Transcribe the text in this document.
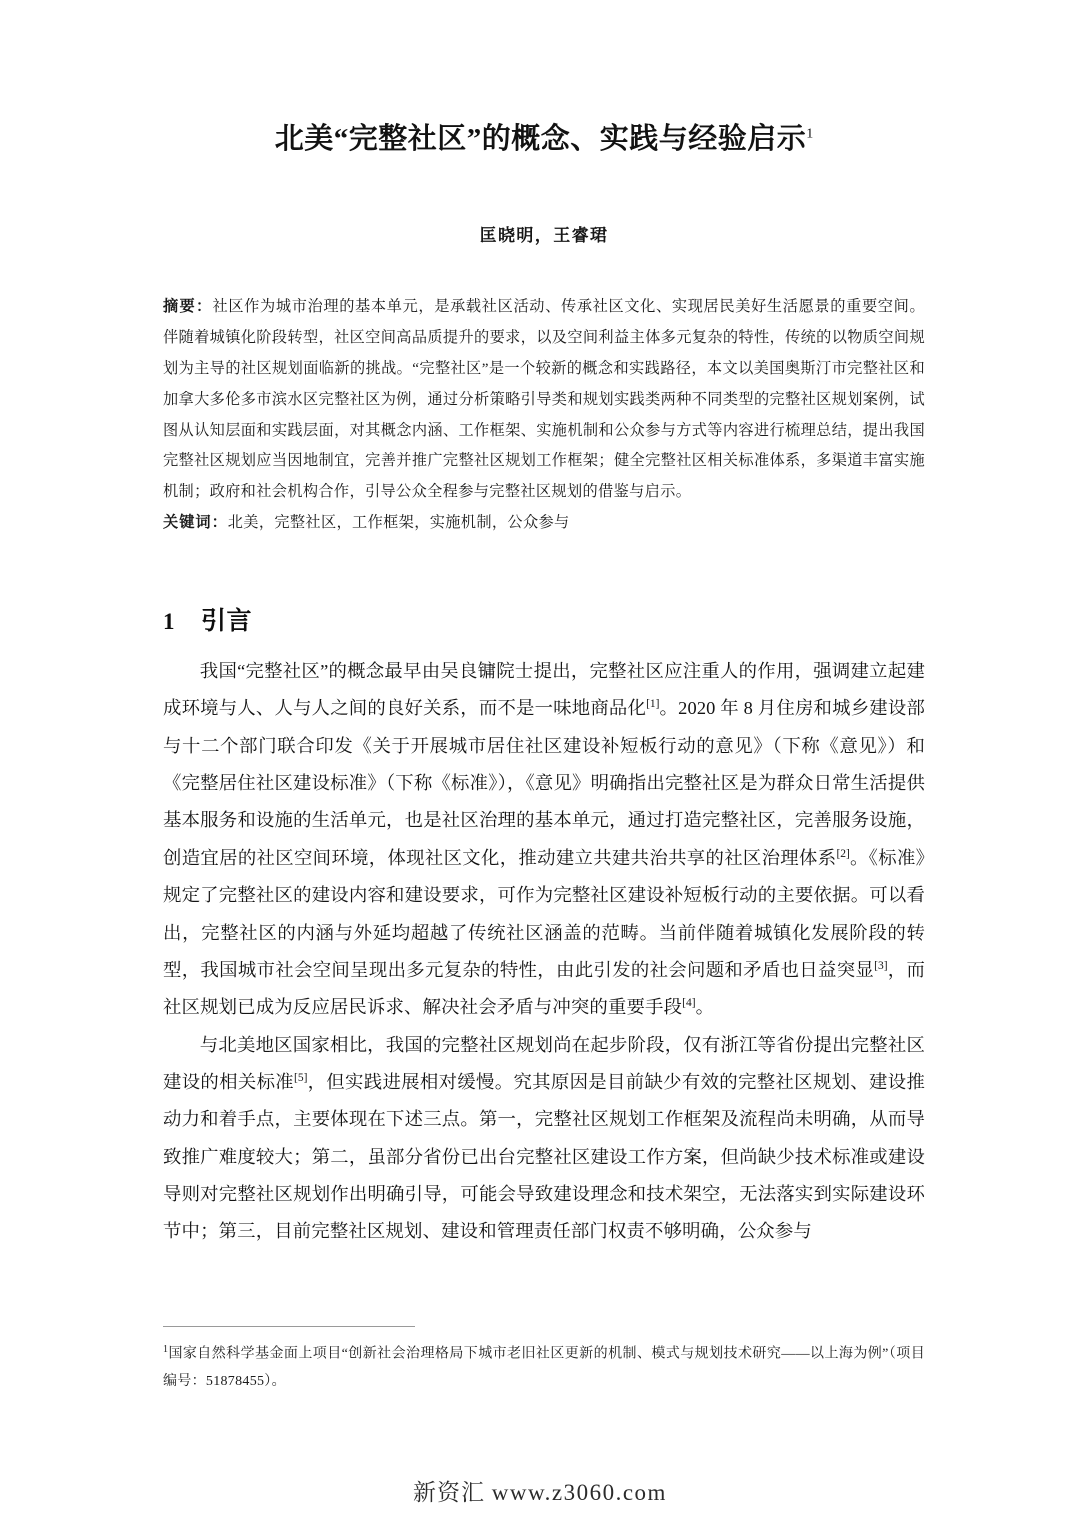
北美“完整社区”的概念、实践与经验启示$^1$
匡晓明，王睿珺

摘要：社区作为城市治理的基本单元，是承载社区活动、传承社区文化、实现居民美好生活愿景的重要空间。伴随着城镇化阶段转型，社区空间高品质提升的要求，以及空间利益主体多元复杂的特性，传统的以物质空间规划为主导的社区规划面临新的挑战。“完整社区”是一个较新的概念和实践路径，本文以美国奥斯汀市完整社区和加拿大多伦多市滨水区完整社区为例，通过分析策略引导类和规划实践类两种不同类型的完整社区规划案例，试图从认知层面和实践层面，对其概念内涵、工作框架、实施机制和公众参与方式等内容进行梳理总结，提出我国完整社区规划应当因地制宜，完善并推广完整社区规划工作框架；健全完整社区相关标准体系，多渠道丰富实施机制；政府和社会机构合作，引导公众全程参与完整社区规划的借鉴与启示。

关键词：北美，完整社区，工作框架，实施机制，公众参与

1 引言

我国“完整社区”的概念最早由吴良镛院士提出，完整社区应注重人的作用，强调建立起建成环境与人、人与人之间的良好关系，而不是一味地商品化[1]。2020 年 8 月住房和城乡建设部与十二个部门联合印发《关于开展城市居住社区建设补短板行动的意见》（下称《意见》）和《完整居住社区建设标准》（下称《标准》），《意见》明确指出完整社区是为群众日常生活提供基本服务和设施的生活单元，也是社区治理的基本单元，通过打造完整社区，完善服务设施，创造宜居的社区空间环境，体现社区文化，推动建立共建共治共享的社区治理体系[2]。《标准》规定了完整社区的建设内容和建设要求，可作为完整社区建设补短板行动的主要依据。可以看出，完整社区的内涵与外延均超越了传统社区涵盖的范畴。当前伴随着城镇化发展阶段的转型，我国城市社会空间呈现出多元复杂的特性，由此引发的社会问题和矛盾也日益突显[3]，而社区规划已成为反应居民诉求、解决社会矛盾与冲突的重要手段[4]。

与北美地区国家相比，我国的完整社区规划尚在起步阶段，仅有浙江等省份提出完整社区建设的相关标准[5]，但实践进展相对缓慢。究其原因是目前缺少有效的完整社区规划、建设推动力和着手点，主要体现在下述三点。第一，完整社区规划工作框架及流程尚未明确，从而导致推广难度较大；第二，虽部分省份已出台完整社区建设工作方案，但尚缺少技术标准或建设导则对完整社区规划作出明确引导，可能会导致建设理念和技术架空，无法落实到实际建设环节中；第三，目前完整社区规划、建设和管理责任部门权责不够明确，公众参与

$^1$国家自然科学基金面上项目“创新社会治理格局下城市老旧社区更新的机制、模式与规划技术研究——以上海为例”（项目编号：51878455）。

新资汇 www.z3060.com
